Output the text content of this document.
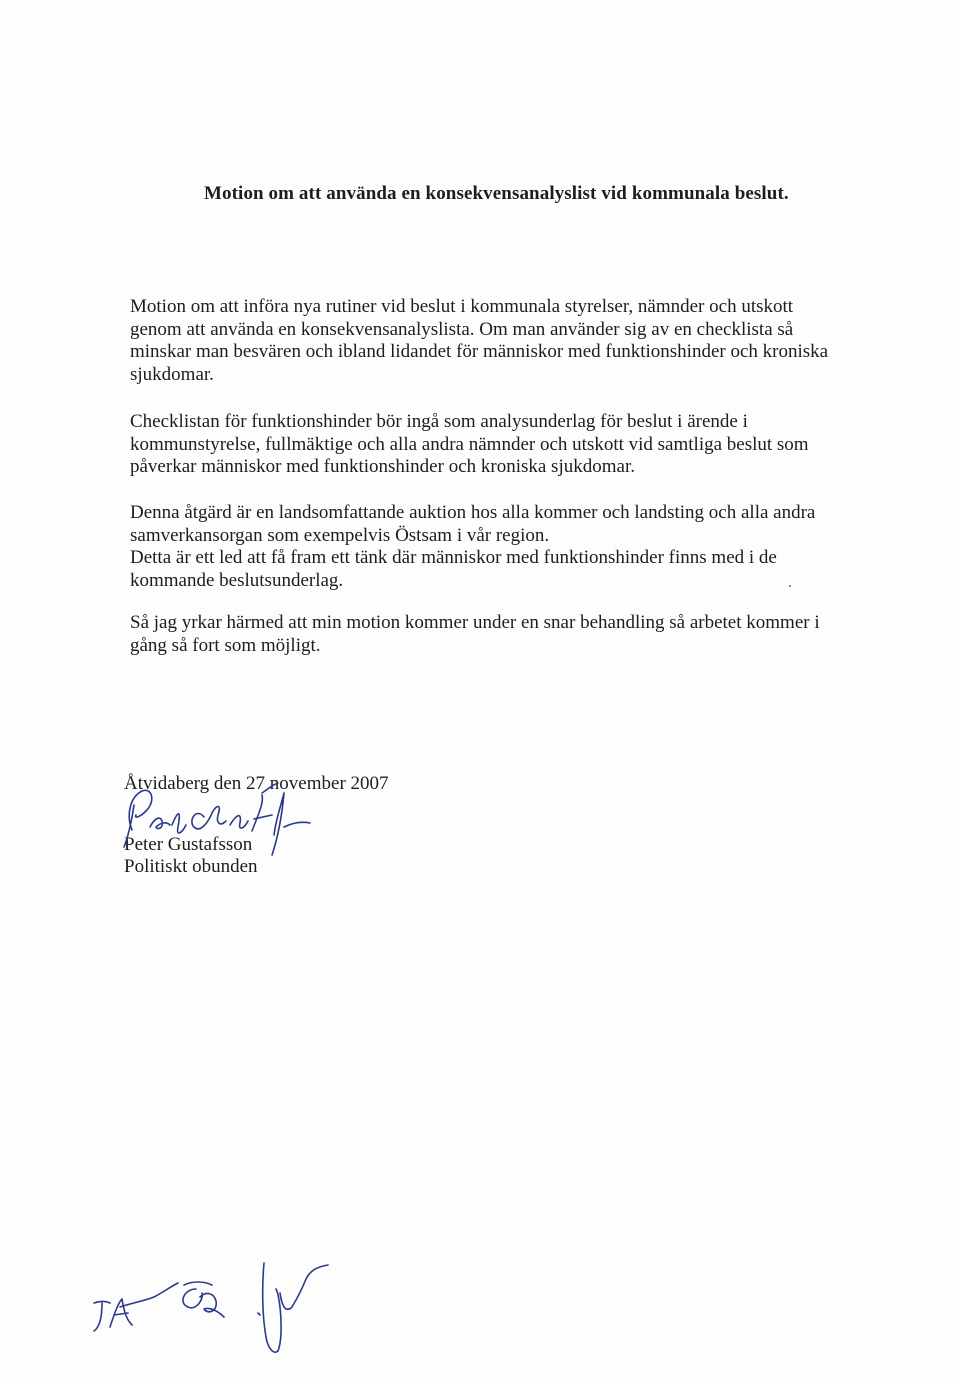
Motion om att använda en konsekvensanalyslist vid kommunala beslut.

Motion om att införa nya rutiner vid beslut i kommunala styrelser, nämnder och utskott
genom att använda en konsekvensanalyslista. Om man använder sig av en checklista så
minskar man besvären och ibland lidandet för människor med funktionshinder och kroniska
sjukdomar.

Checklistan för funktionshinder bör ingå som analysunderlag för beslut i ärende i
kommunstyrelse, fullmäktige och alla andra nämnder och utskott vid samtliga beslut som
påverkar människor med funktionshinder och kroniska sjukdomar.

Denna åtgärd är en landsomfattande auktion hos alla kommer och landsting och alla andra
samverkansorgan som exempelvis Östsam i vår region.
Detta är ett led att få fram ett tänk där människor med funktionshinder finns med i de
kommande beslutsunderlag.

Så jag yrkar härmed att min motion kommer under en snar behandling så arbetet kommer i
gång så fort som möjligt.

Åtvidaberg den 27 november 2007
Peter Gustafsson
Politiskt obunden
